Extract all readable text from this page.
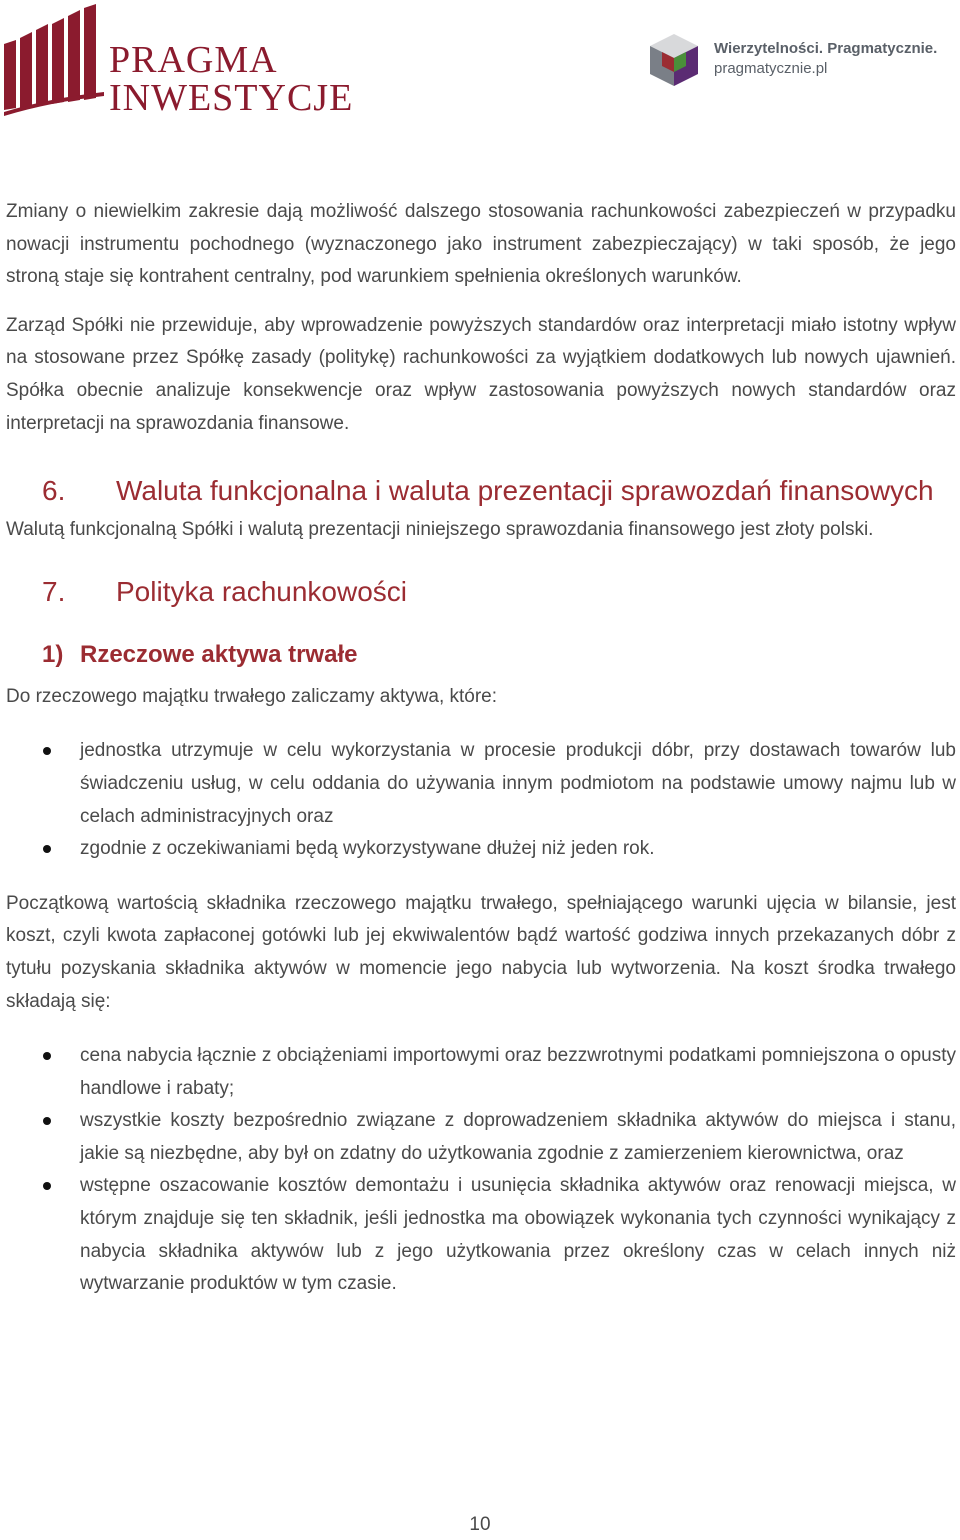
PRAGMA
INWESTYCJE
Wierzytelności. Pragmatycznie.
pragmatycznie.pl

Zmiany o niewielkim zakresie dają możliwość dalszego stosowania rachunkowości zabezpieczeń w przypadku nowacji instrumentu pochodnego (wyznaczonego jako instrument zabezpieczający) w taki sposób, że jego stroną staje się kontrahent centralny, pod warunkiem spełnienia określonych warunków.

Zarząd Spółki nie przewiduje, aby wprowadzenie powyższych standardów oraz interpretacji miało istotny wpływ na stosowane przez Spółkę zasady (politykę) rachunkowości za wyjątkiem dodatkowych lub nowych ujawnień. Spółka obecnie analizuje konsekwencje oraz wpływ zastosowania powyższych nowych standardów oraz interpretacji na sprawozdania finansowe.

6.	Waluta funkcjonalna i waluta prezentacji sprawozdań finansowych

Walutą funkcjonalną Spółki i walutą prezentacji niniejszego sprawozdania finansowego jest złoty polski.

7.	Polityka rachunkowości
1) Rzeczowe aktywa trwałe

Do rzeczowego majątku trwałego zaliczamy aktywa, które:

jednostka utrzymuje w celu wykorzystania w procesie produkcji dóbr, przy dostawach towarów lub świadczeniu usług, w celu oddania do używania innym podmiotom na podstawie umowy najmu lub w celach administracyjnych oraz
zgodnie z oczekiwaniami będą wykorzystywane dłużej niż jeden rok.

Początkową wartością składnika rzeczowego majątku trwałego, spełniającego warunki ujęcia w bilansie, jest koszt, czyli kwota zapłaconej gotówki lub jej ekwiwalentów bądź wartość godziwa innych przekazanych dóbr z tytułu pozyskania składnika aktywów w momencie jego nabycia lub wytworzenia. Na koszt środka trwałego składają się:

cena nabycia łącznie z obciążeniami importowymi oraz bezzwrotnymi podatkami pomniejszona o opusty handlowe i rabaty;
wszystkie koszty bezpośrednio związane z doprowadzeniem składnika aktywów do miejsca i stanu, jakie są niezbędne, aby był on zdatny do użytkowania zgodnie z zamierzeniem kierownictwa, oraz
wstępne oszacowanie kosztów demontażu i usunięcia składnika aktywów oraz renowacji miejsca, w którym znajduje się ten składnik, jeśli jednostka ma obowiązek wykonania tych czynności wynikający z nabycia składnika aktywów lub z jego użytkowania przez określony czas w celach innych niż wytwarzanie produktów w tym czasie.
10
